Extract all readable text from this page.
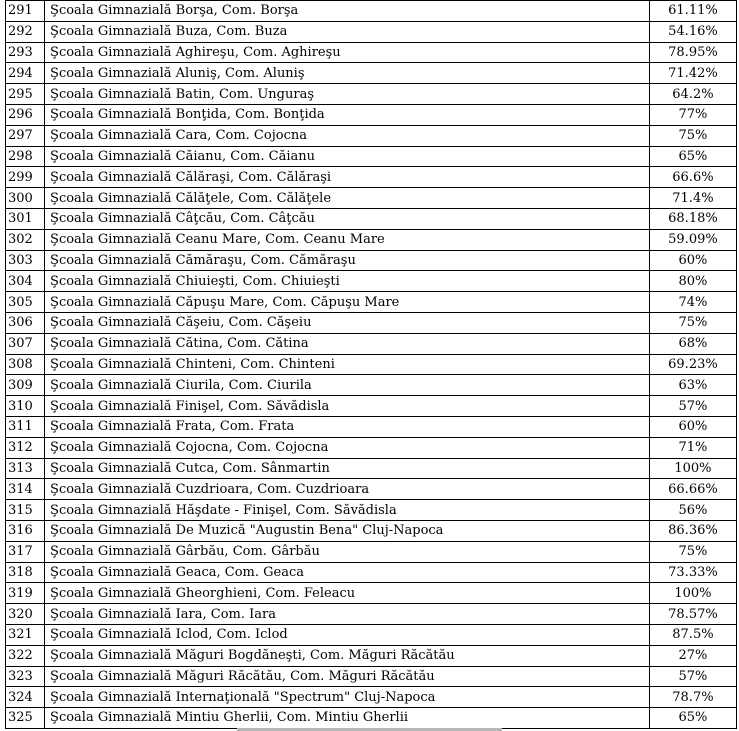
291	Şcoala Gimnazială Borşa, Com. Borşa	61.11%
292	Şcoala Gimnazială Buza, Com. Buza	54.16%
293	Şcoala Gimnazială Aghireşu, Com. Aghireşu	78.95%
294	Şcoala Gimnazială Aluniş, Com. Aluniş	71.42%
295	Şcoala Gimnazială Batin, Com. Unguraş	64.2%
296	Şcoala Gimnazială Bonţida, Com. Bonţida	77%
297	Şcoala Gimnazială Cara, Com. Cojocna	75%
298	Şcoala Gimnazială Căianu, Com. Căianu	65%
299	Şcoala Gimnazială Călăraşi, Com. Călăraşi	66.6%
300	Şcoala Gimnazială Călăţele, Com. Călăţele	71.4%
301	Şcoala Gimnazială Câţcău, Com. Câţcău	68.18%
302	Şcoala Gimnazială Ceanu Mare, Com. Ceanu Mare	59.09%
303	Şcoala Gimnazială Cămăraşu, Com. Cămăraşu	60%
304	Şcoala Gimnazială Chiuieşti, Com. Chiuieşti	80%
305	Şcoala Gimnazială Căpuşu Mare, Com. Căpuşu Mare	74%
306	Şcoala Gimnazială Căşeiu, Com. Căşeiu	75%
307	Şcoala Gimnazială Cătina, Com. Cătina	68%
308	Şcoala Gimnazială Chinteni, Com. Chinteni	69.23%
309	Şcoala Gimnazială Ciurila, Com. Ciurila	63%
310	Şcoala Gimnazială Finişel, Com. Săvădisla	57%
311	Şcoala Gimnazială Frata, Com. Frata	60%
312	Şcoala Gimnazială Cojocna, Com. Cojocna	71%
313	Şcoala Gimnazială Cutca, Com. Sânmartin	100%
314	Şcoala Gimnazială Cuzdrioara, Com. Cuzdrioara	66.66%
315	Şcoala Gimnazială Hăşdate - Finişel, Com. Săvădisla	56%
316	Şcoala Gimnazială De Muzică "Augustin Bena" Cluj-Napoca	86.36%
317	Şcoala Gimnazială Gârbău, Com. Gârbău	75%
318	Şcoala Gimnazială Geaca, Com. Geaca	73.33%
319	Şcoala Gimnazială Gheorghieni, Com. Feleacu	100%
320	Şcoala Gimnazială Iara, Com. Iara	78.57%
321	Şcoala Gimnazială Iclod, Com. Iclod	87.5%
322	Şcoala Gimnazială Măguri Bogdăneşti, Com. Măguri Răcătău	27%
323	Şcoala Gimnazială Măguri Răcătău, Com. Măguri Răcătău	57%
324	Şcoala Gimnazială Internaţională "Spectrum" Cluj-Napoca	78.7%
325	Şcoala Gimnazială Mintiu Gherlii, Com. Mintiu Gherlii	65%
